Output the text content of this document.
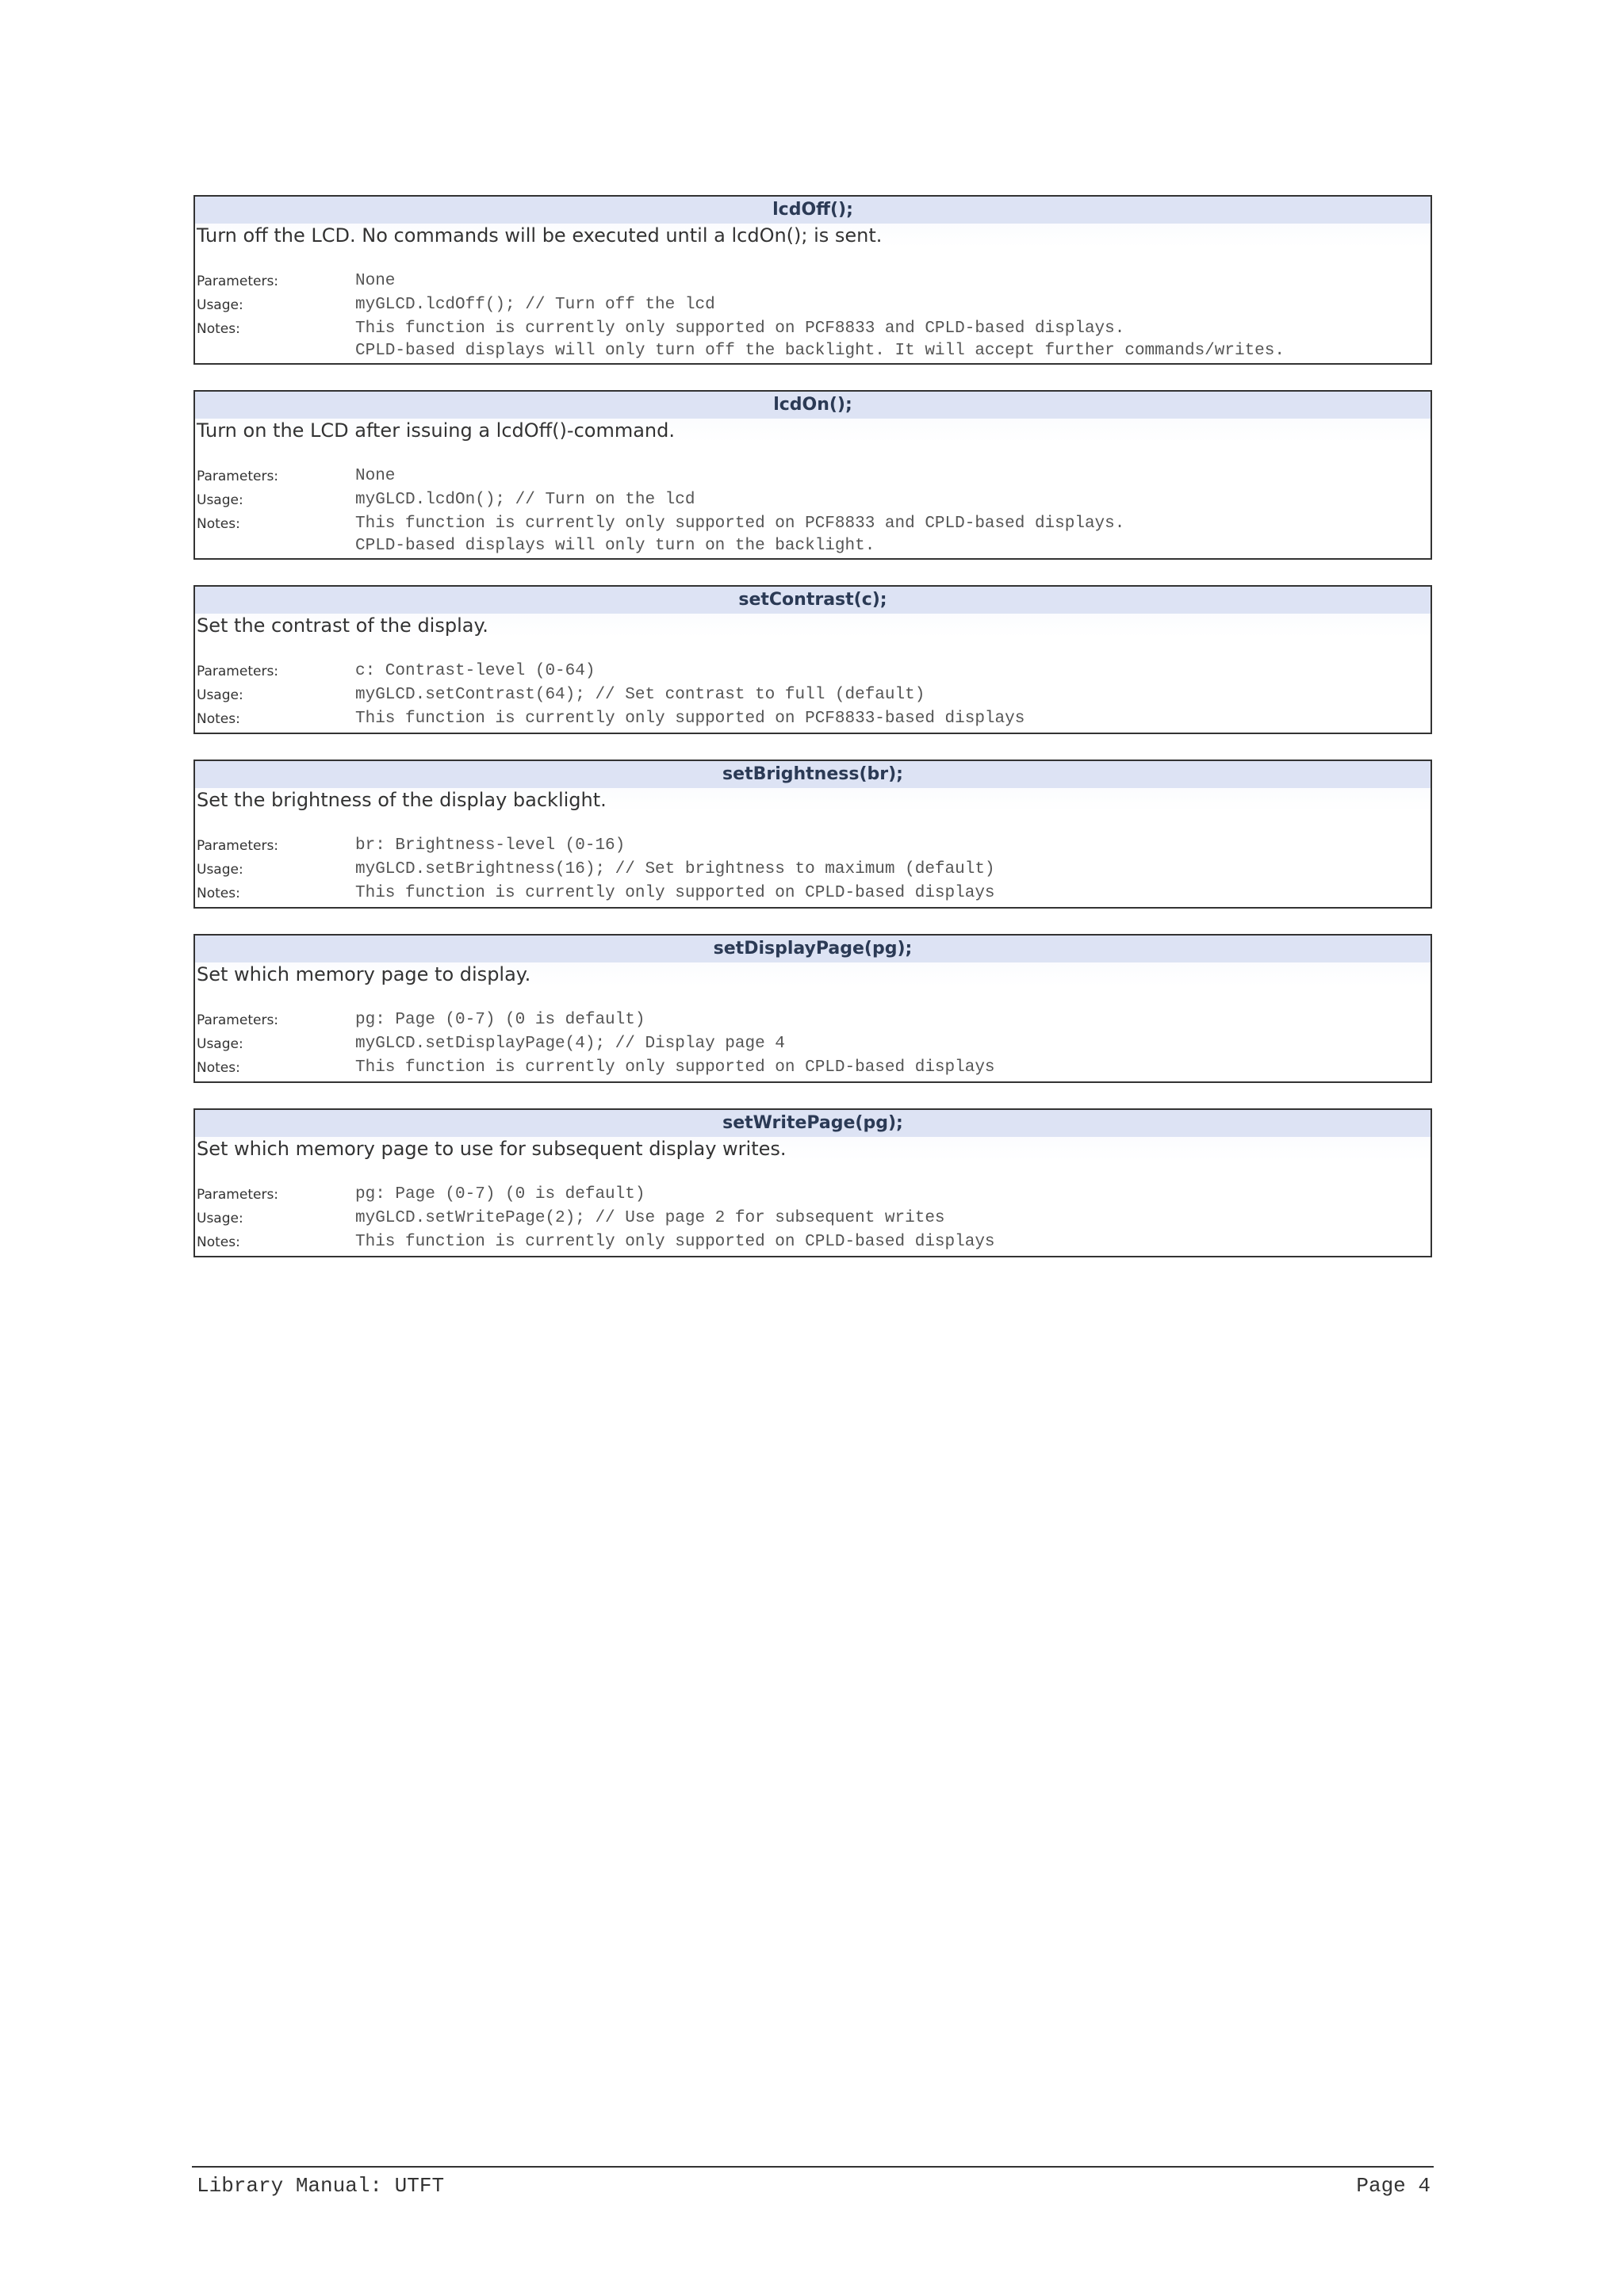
lcdOff();
Turn off the LCD. No commands will be executed until a lcdOn(); is sent.
Parameters:	None
Usage:	myGLCD.lcdOff(); // Turn off the lcd
Notes:	This function is currently only supported on PCF8833 and CPLD-based displays.
CPLD-based displays will only turn off the backlight. It will accept further commands/writes.
lcdOn();
Turn on the LCD after issuing a lcdOff()-command.
Parameters:	None
Usage:	myGLCD.lcdOn(); // Turn on the lcd
Notes:	This function is currently only supported on PCF8833 and CPLD-based displays.
CPLD-based displays will only turn on the backlight.
setContrast(c);
Set the contrast of the display.
Parameters:	c: Contrast-level (0-64)
Usage:	myGLCD.setContrast(64); // Set contrast to full (default)
Notes:	This function is currently only supported on PCF8833-based displays
setBrightness(br);
Set the brightness of the display backlight.
Parameters:	br: Brightness-level (0-16)
Usage:	myGLCD.setBrightness(16); // Set brightness to maximum (default)
Notes:	This function is currently only supported on CPLD-based displays
setDisplayPage(pg);
Set which memory page to display.
Parameters:	pg: Page (0-7) (0 is default)
Usage:	myGLCD.setDisplayPage(4); // Display page 4
Notes:	This function is currently only supported on CPLD-based displays
setWritePage(pg);
Set which memory page to use for subsequent display writes.
Parameters:	pg: Page (0-7) (0 is default)
Usage:	myGLCD.setWritePage(2); // Use page 2 for subsequent writes
Notes:	This function is currently only supported on CPLD-based displays
Library Manual: UTFT	Page 4
